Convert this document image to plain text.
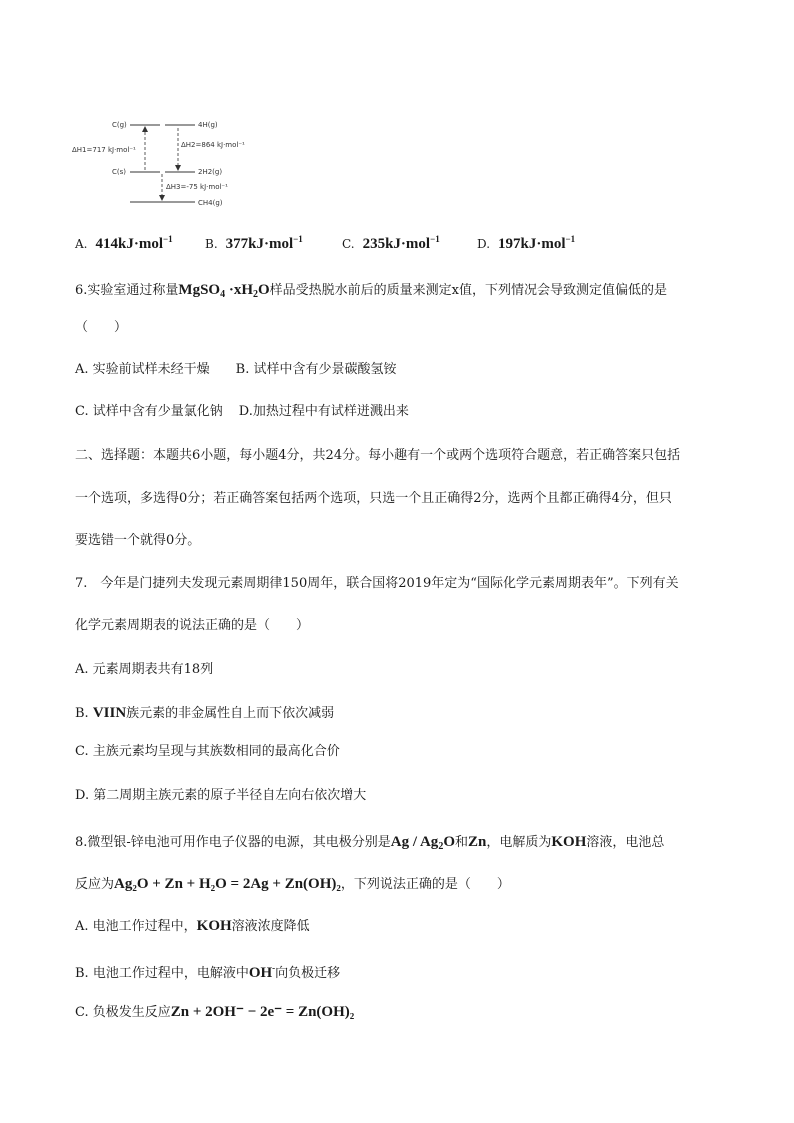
C(g)	4H(g)
C(s)	2H2(g)
CH4(g)
ΔH1=717 kJ·mol⁻¹
ΔH2=864 kJ·mol⁻¹
ΔH3=-75 kJ·mol⁻¹
A. 414kJ·mol$^{-1}$	B. 377kJ·mol$^{-1}$	C. 235kJ·mol$^{-1}$	D. 197kJ·mol$^{-1}$
6.实验室通过称量MgSO$_4$ $\cdot xH_2O$样品受热脱水前后的质量来测定x值，下列情况会导致测定值偏低的是
（　　）
A. 实验前试样未经干燥 B. 试样中含有少景碳酸氢铵
C. 试样中含有少量氯化钠 D.加热过程中有试样迸溅出来
二、选择题：本题共6小题，每小题4分，共24分。每小趣有一个或两个选项符合题意，若正确答案只包括
一个选项，多选得0分；若正确答案包括两个选项，只选一个且正确得2分，选两个且都正确得4分，但只
要选错一个就得0分。
7.　今年是门捷列夫发现元素周期律150周年，联合国将2019年定为“国际化学元素周期表年”。下列有关
化学元素周期表的说法正确的是（　　）
A. 元素周期表共有18列
B. VIIN族元素的非金属性自上而下依次减弱
C. 主族元素均呈现与其族数相同的最高化合价
D. 第二周期主族元素的原子半径自左向右依次增大
8.微型银-锌电池可用作电子仪器的电源，其电极分别是Ag / $Ag_2O$和Zn，电解质为KOH溶液，电池总
反应为Ag₂O + Zn + H₂O = 2Ag + Zn(OH)₂，下列说法正确的是（　　）
A. 电池工作过程中，KOH溶液浓度降低
B. 电池工作过程中，电解液中OH-向负极迁移
C. 负极发生反应Zn + 2OH⁻ − 2e⁻ = Zn(OH)₂
